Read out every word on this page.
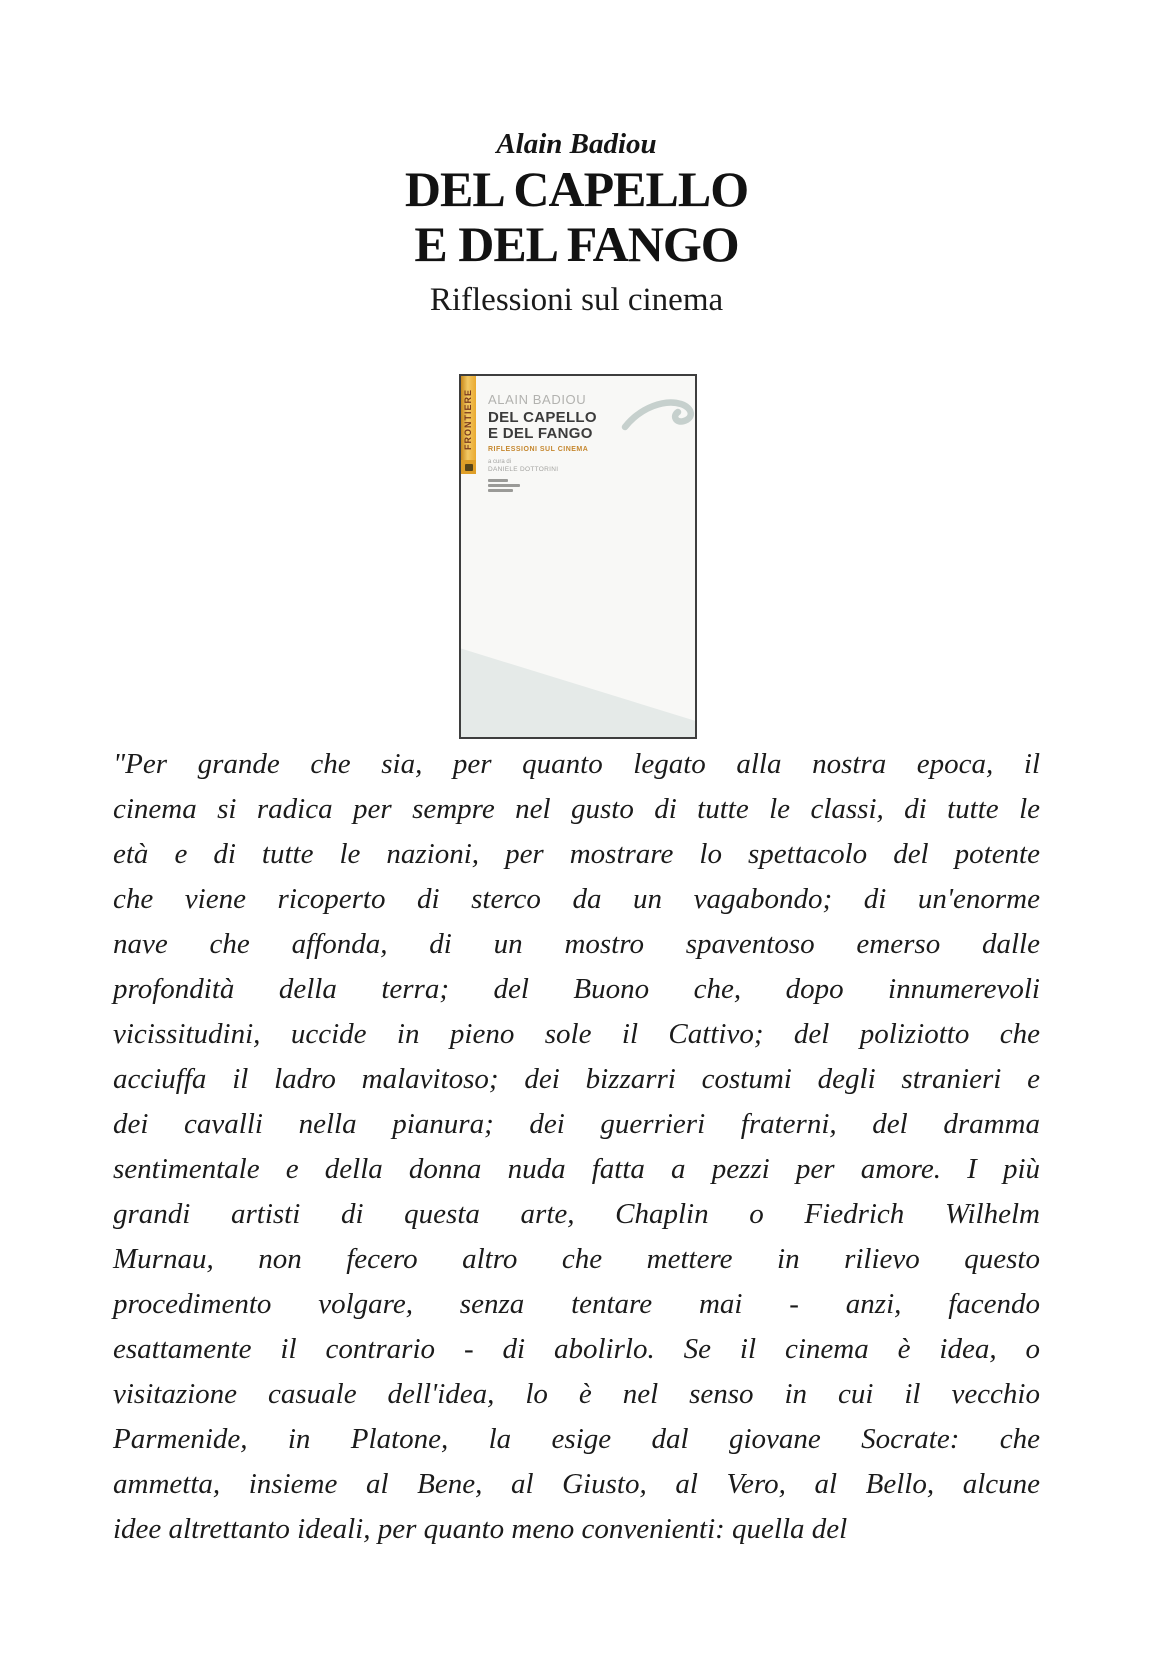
Alain Badiou
DEL CAPELLO
E DEL FANGO
Riflessioni sul cinema
FRONTIERE ALAIN BADIOU
DEL CAPELLO
E DEL FANGO
RIFLESSIONI SUL CINEMA
a cura di
DANIELE DOTTORINI
"Per grande che sia, per quanto legato alla nostra epoca, il
cinema si radica per sempre nel gusto di tutte le classi, di tutte le
età e di tutte le nazioni, per mostrare lo spettacolo del potente
che viene ricoperto di sterco da un vagabondo; di un'enorme
nave che affonda, di un mostro spaventoso emerso dalle
profondità della terra; del Buono che, dopo innumerevoli
vicissitudini, uccide in pieno sole il Cattivo; del poliziotto che
acciuffa il ladro malavitoso; dei bizzarri costumi degli stranieri e
dei cavalli nella pianura; dei guerrieri fraterni, del dramma
sentimentale e della donna nuda fatta a pezzi per amore. I più
grandi artisti di questa arte, Chaplin o Fiedrich Wilhelm
Murnau, non fecero altro che mettere in rilievo questo
procedimento volgare, senza tentare mai - anzi, facendo
esattamente il contrario - di abolirlo. Se il cinema è idea, o
visitazione casuale dell'idea, lo è nel senso in cui il vecchio
Parmenide, in Platone, la esige dal giovane Socrate: che
ammetta, insieme al Bene, al Giusto, al Vero, al Bello, alcune
idee altrettanto ideali, per quanto meno convenienti: quella del
